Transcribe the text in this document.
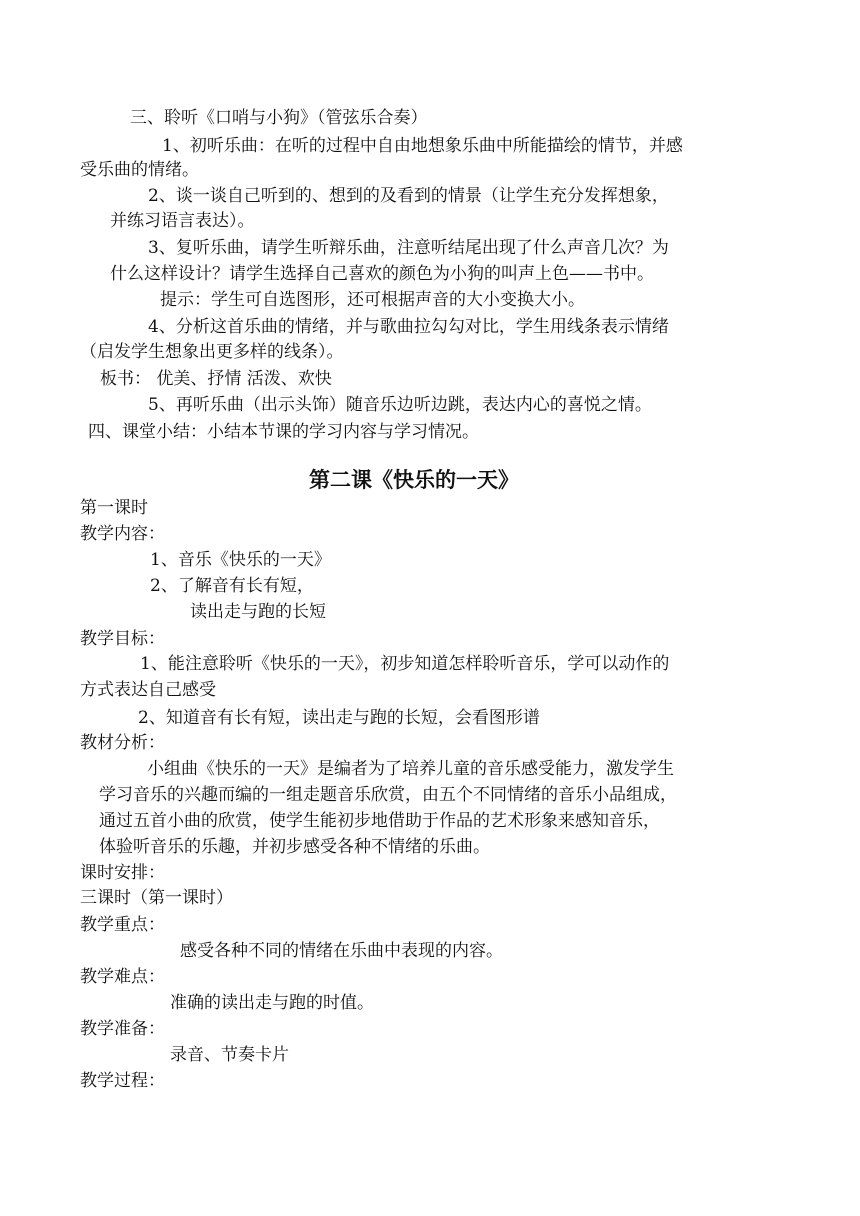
三、聆听《口哨与小狗》（管弦乐合奏）
1、初听乐曲：在听的过程中自由地想象乐曲中所能描绘的情节，并感
受乐曲的情绪。
2、谈一谈自己听到的、想到的及看到的情景（让学生充分发挥想象，
并练习语言表达）。
3、复听乐曲，请学生听辩乐曲，注意听结尾出现了什么声音几次？为
什么这样设计？请学生选择自己喜欢的颜色为小狗的叫声上色——书中。
提示：学生可自选图形，还可根据声音的大小变换大小。
4、分析这首乐曲的情绪，并与歌曲拉勾勾对比，学生用线条表示情绪
（启发学生想象出更多样的线条）。
板书： 优美、抒情 活泼、欢快
5、再听乐曲（出示头饰）随音乐边听边跳，表达内心的喜悦之情。
四、课堂小结：小结本节课的学习内容与学习情况。
第二课《快乐的一天》
第一课时
教学内容：
1、音乐《快乐的一天》
2、了解音有长有短，
读出走与跑的长短
教学目标：
1、能注意聆听《快乐的一天》，初步知道怎样聆听音乐，学可以动作的
方式表达自己感受
2、知道音有长有短，读出走与跑的长短，会看图形谱
教材分析：
小组曲《快乐的一天》是编者为了培养儿童的音乐感受能力，激发学生
学习音乐的兴趣而编的一组走题音乐欣赏，由五个不同情绪的音乐小品组成，
通过五首小曲的欣赏，使学生能初步地借助于作品的艺术形象来感知音乐，
体验听音乐的乐趣，并初步感受各种不情绪的乐曲。
课时安排：
三课时（第一课时）
教学重点：
感受各种不同的情绪在乐曲中表现的内容。
教学难点：
准确的读出走与跑的时值。
教学准备：
录音、节奏卡片
教学过程：
